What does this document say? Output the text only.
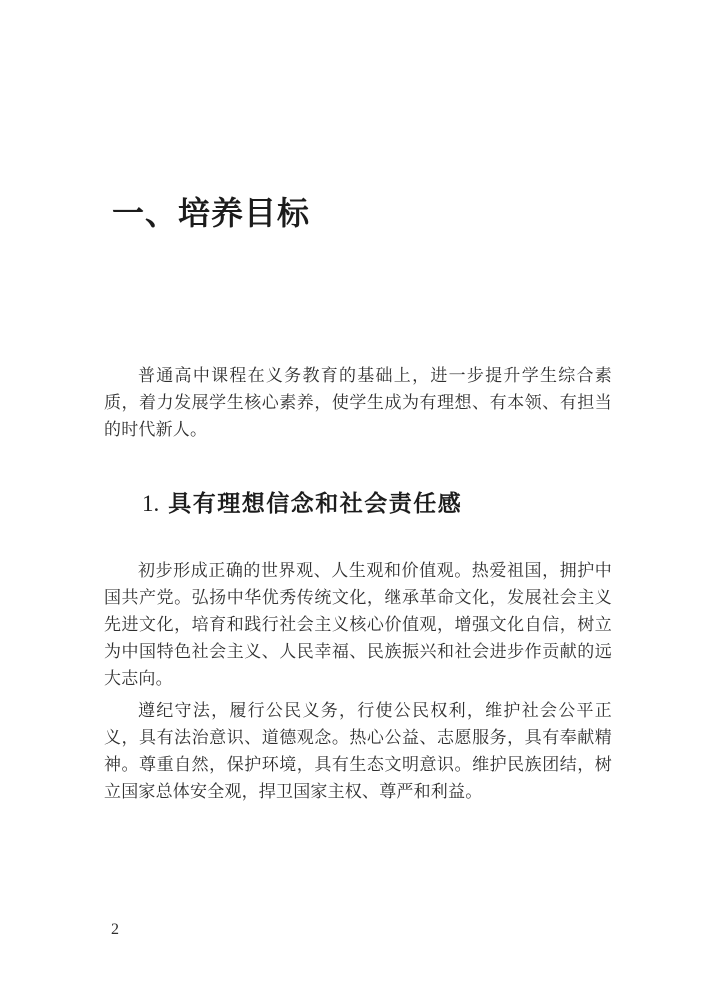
一、培养目标

普通高中课程在义务教育的基础上，进一步提升学生综合素质，着力发展学生核心素养，使学生成为有理想、有本领、有担当的时代新人。

1. 具有理想信念和社会责任感

初步形成正确的世界观、人生观和价值观。热爱祖国，拥护中国共产党。弘扬中华优秀传统文化，继承革命文化，发展社会主义先进文化，培育和践行社会主义核心价值观，增强文化自信，树立为中国特色社会主义、人民幸福、民族振兴和社会进步作贡献的远大志向。

遵纪守法，履行公民义务，行使公民权利，维护社会公平正义，具有法治意识、道德观念。热心公益、志愿服务，具有奉献精神。尊重自然，保护环境，具有生态文明意识。维护民族团结，树立国家总体安全观，捍卫国家主权、尊严和利益。

2
